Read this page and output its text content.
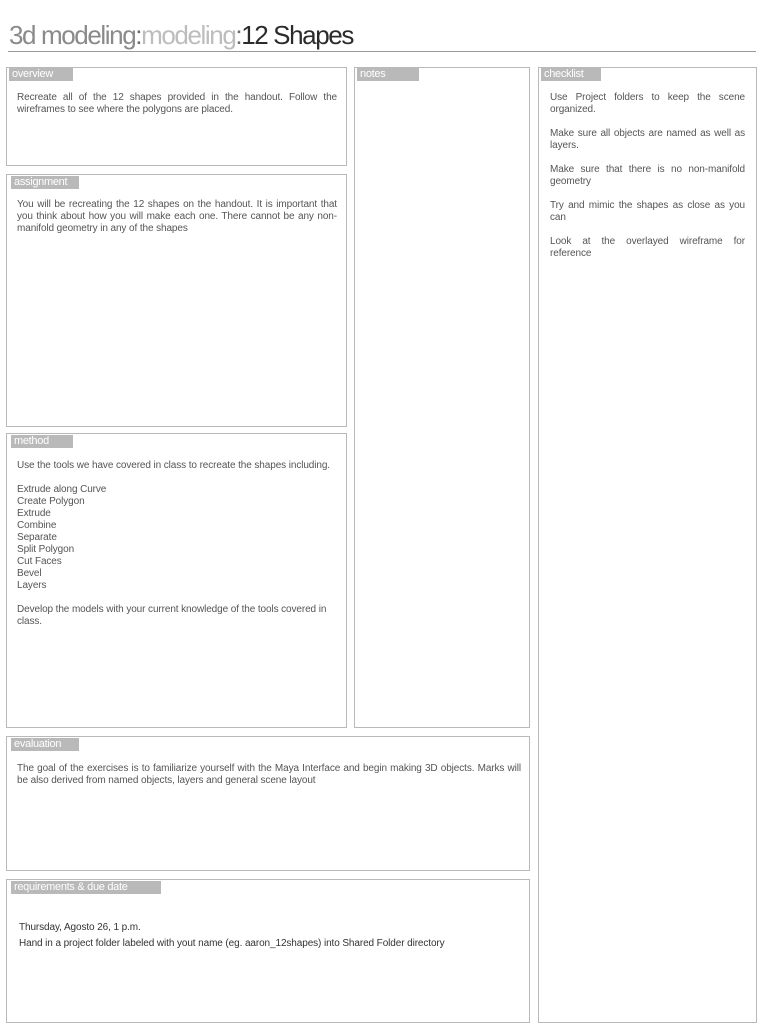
3d modeling:modeling:12 Shapes
overview
Recreate all of the 12 shapes provided in the handout. Follow the wireframes to see where the polygons are placed.
notes	checklist

Use Project folders to keep the scene organized.

Make sure all objects are named as well as layers.

Make sure that there is no non-manifold geometry

Try and mimic the shapes as close as you can

Look at the overlayed wireframe for reference

assignment
You will be recreating the 12 shapes on the handout. It is important that you think about how you will make each one. There cannot be any non-manifold geometry in any of the shapes
method

Use the tools we have covered in class to recreate the shapes including.

Extrude along Curve
Create Polygon
Extrude
Combine
Separate
Split Polygon
Cut Faces
Bevel
Layers

Develop the models with your current knowledge of the tools covered in class.

evaluation
The goal of the exercises is to familiarize yourself with the Maya Interface and begin making 3D objects. Marks will be also derived from named objects, layers and general scene layout
requirements & due date
Thursday, Agosto 26, 1 p.m.
Hand in a project folder labeled with yout name (eg. aaron_12shapes) into Shared Folder directory
